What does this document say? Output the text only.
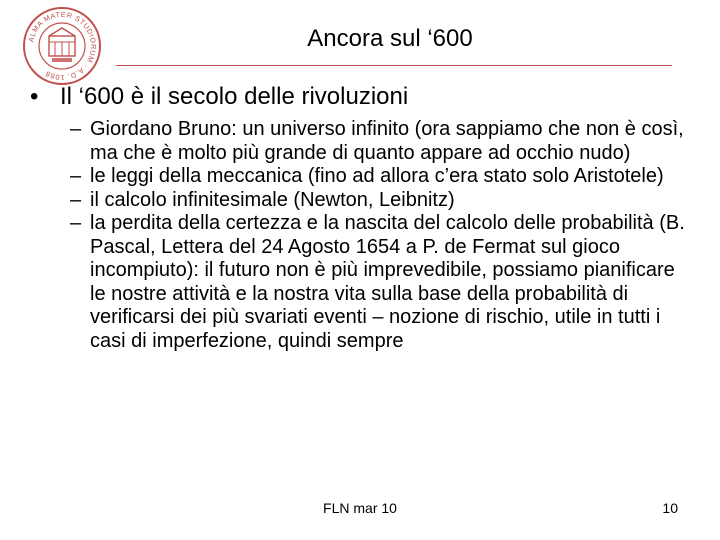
ALMA MATER STUDIORUM · A.D. 1088
Ancora sul ‘600
• Il ‘600 è il secolo delle rivoluzioni
– Giordano Bruno: un universo infinito (ora sappiamo che non è così, ma che è molto più grande di quanto appare ad occhio nudo)
– le leggi della meccanica (fino ad allora c’era stato solo Aristotele)
– il calcolo infinitesimale (Newton, Leibnitz)
– la perdita della certezza e la nascita del calcolo delle probabilità (B. Pascal, Lettera del 24 Agosto 1654 a P. de Fermat sul gioco incompiuto): il futuro non è più imprevedibile, possiamo pianificare le nostre attività e la nostra vita sulla base della probabilità di verificarsi dei più svariati eventi – nozione di rischio, utile in tutti i casi di imperfezione, quindi sempre
FLN mar 10	10
